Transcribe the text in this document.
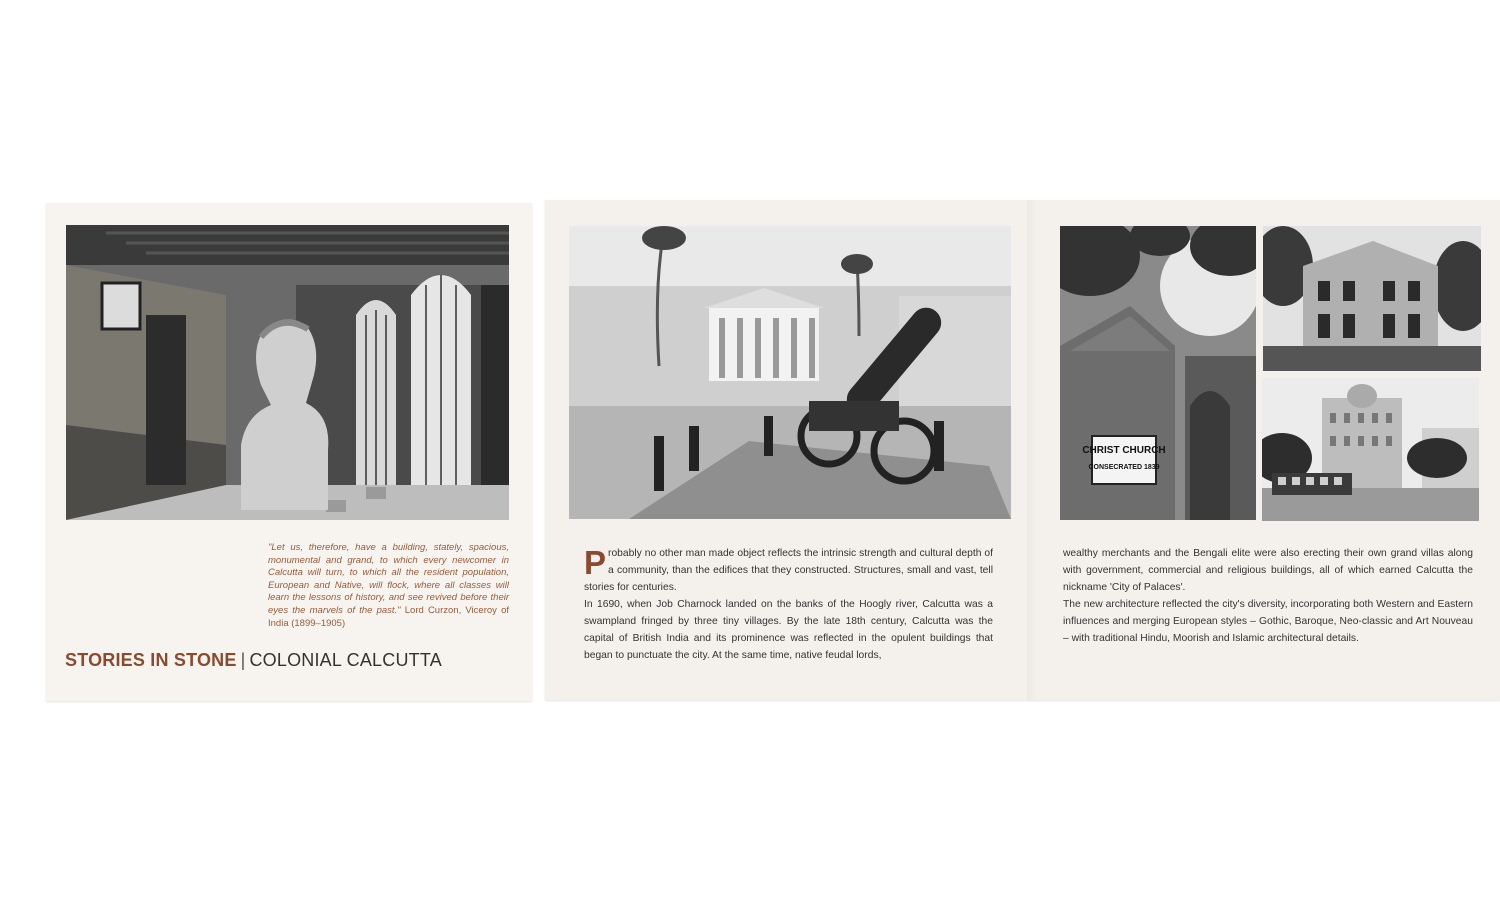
"Let us, therefore, have a building, stately, spacious, monumental and grand, to which every newcomer in Calcutta will turn, to which all the resident population, European and Native, will flock, where all classes will learn the lessons of history, and see revived before their eyes the marvels of the past." Lord Curzon, Viceroy of India (1899–1905)
STORIES IN STONE | COLONIAL CALCUTTA
CHRIST CHURCH
CONSECRATED 1839

Probably no other man made object reflects the intrinsic strength and cultural depth of a community, than the edifices that they constructed. Structures, small and vast, tell stories for centuries.

In 1690, when Job Charnock landed on the banks of the Hoogly river, Calcutta was a swampland fringed by three tiny villages. By the late 18th century, Calcutta was the capital of British India and its prominence was reflected in the opulent buildings that began to punctuate the city. At the same time, native feudal lords,

wealthy merchants and the Bengali elite were also erecting their own grand villas along with government, commercial and religious buildings, all of which earned Calcutta the nickname 'City of Palaces'.

The new architecture reflected the city's diversity, incorporating both Western and Eastern influences and merging European styles – Gothic, Baroque, Neo-classic and Art Nouveau – with traditional Hindu, Moorish and Islamic architectural details.
